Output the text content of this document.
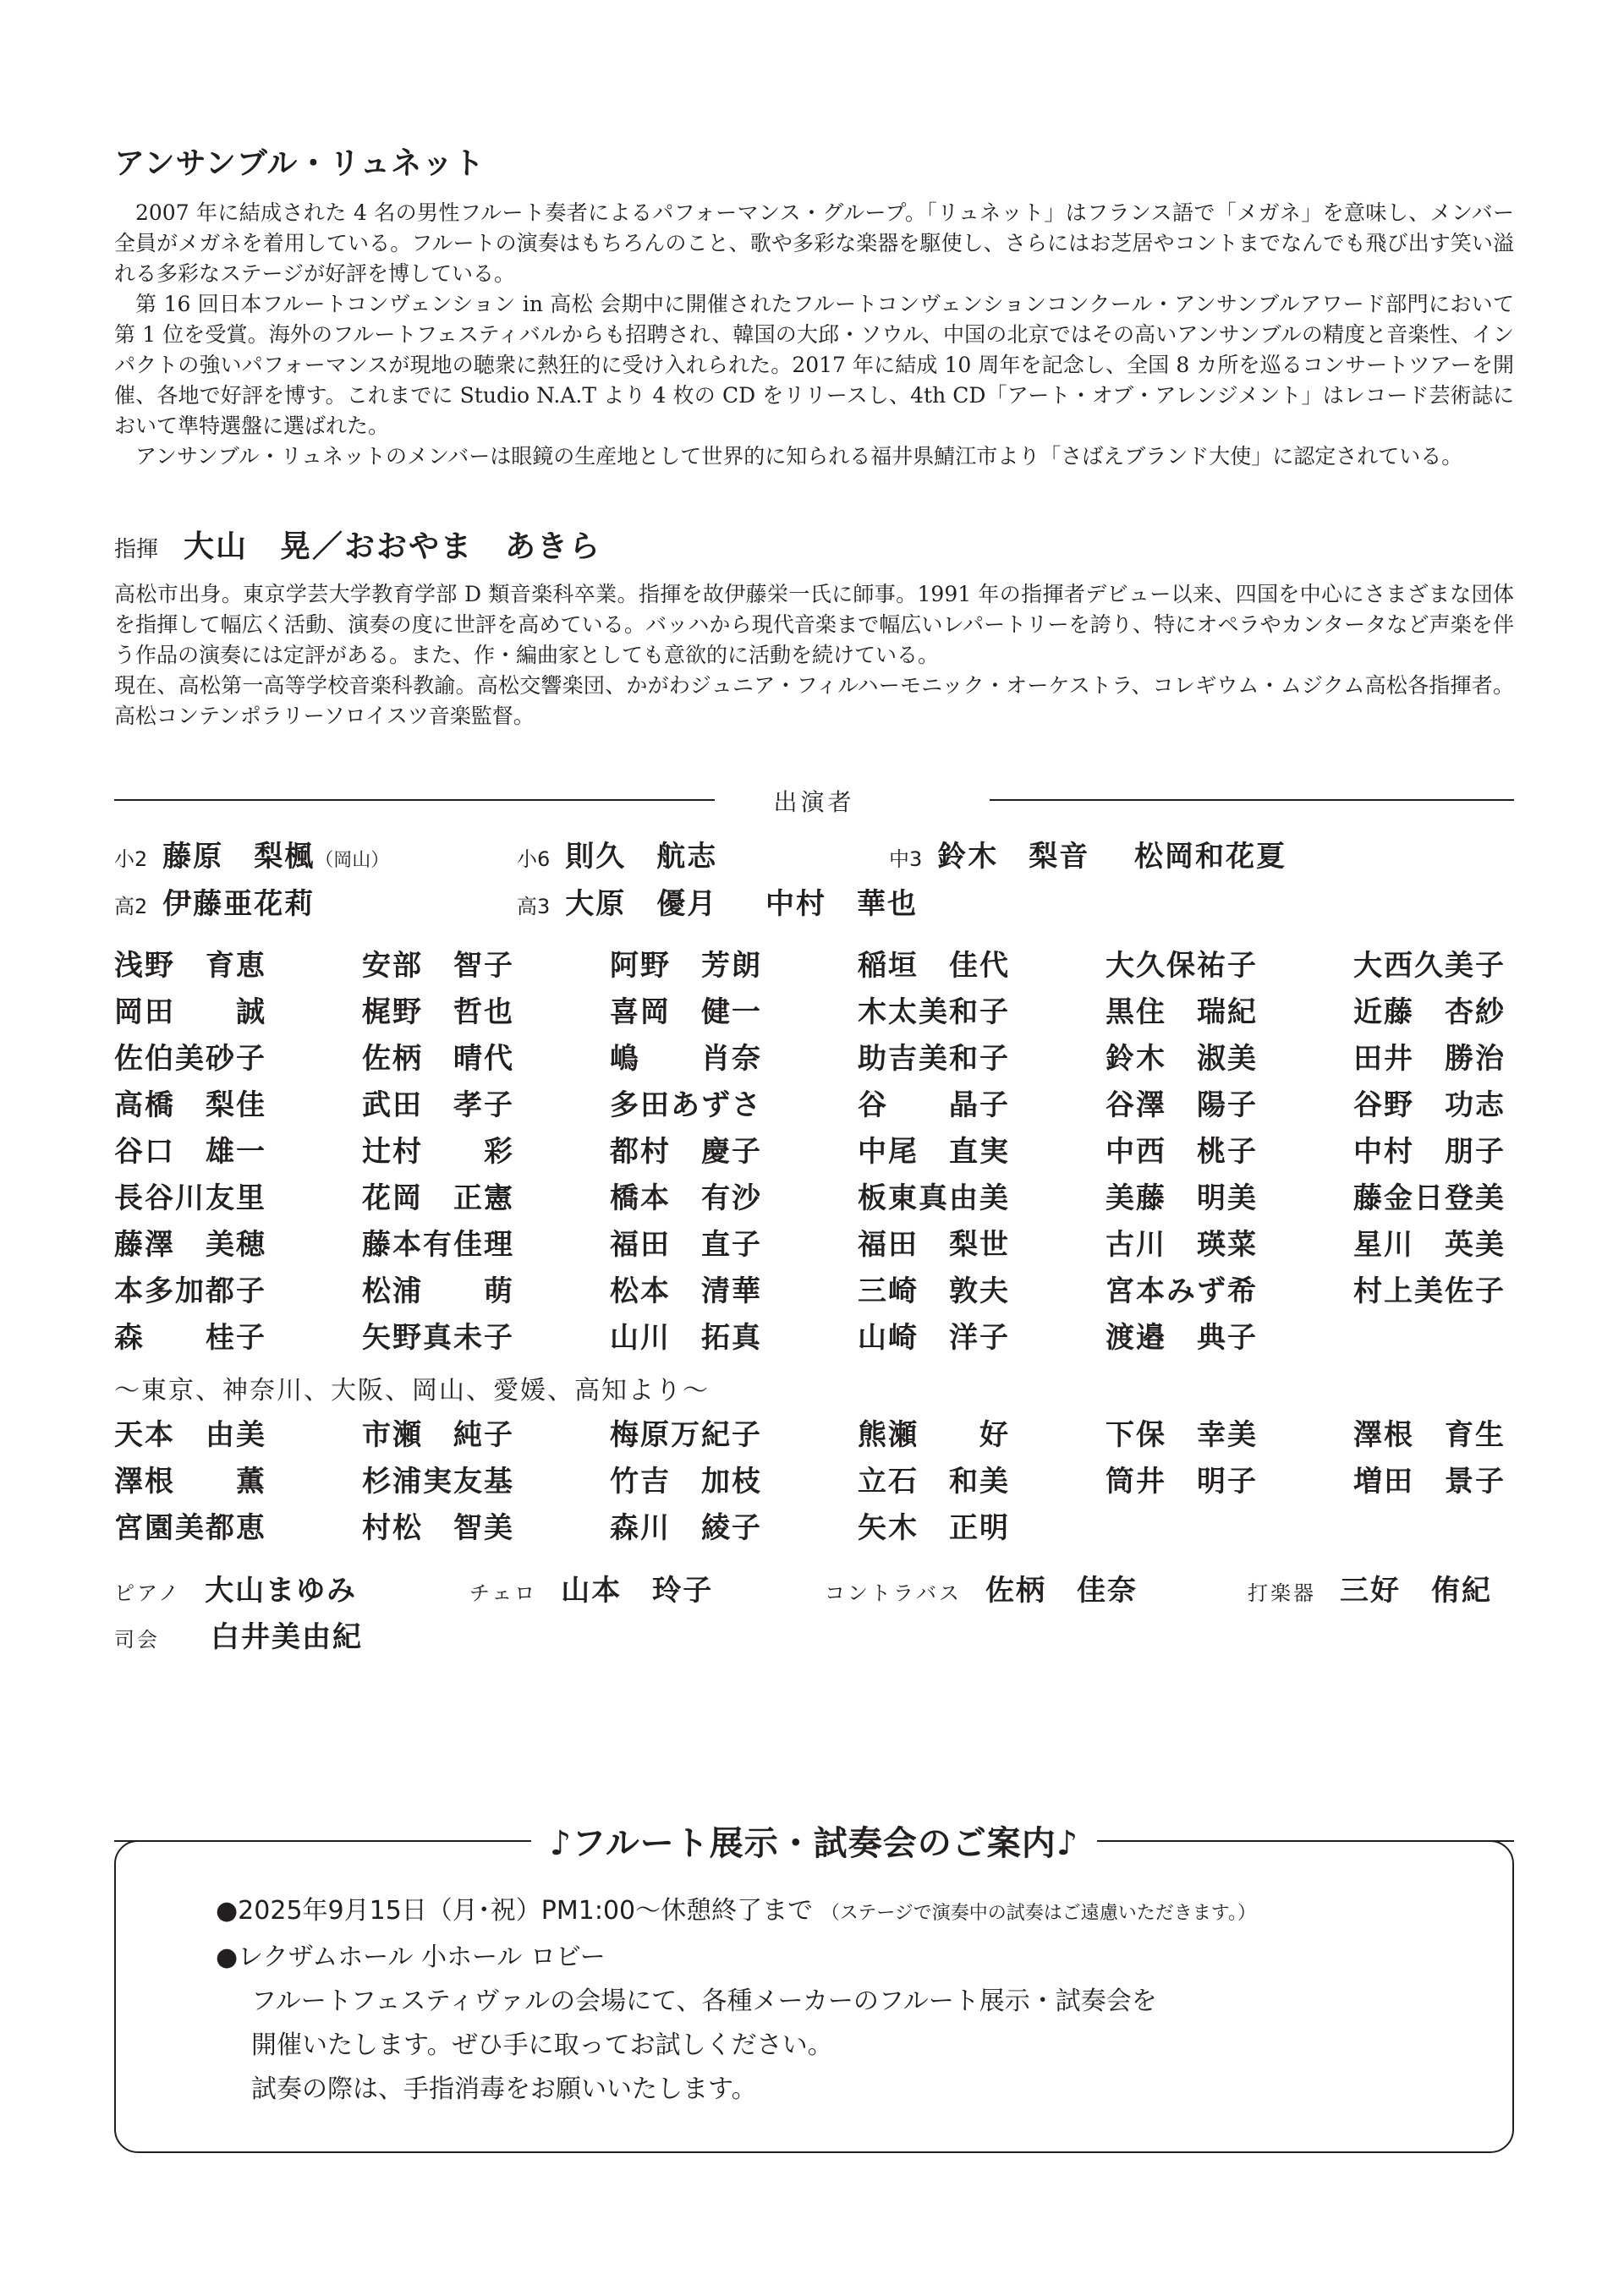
アンサンブル・リュネット

2007 年に結成された 4 名の男性フルート奏者によるパフォーマンス・グループ。「リュネット」はフランス語で「メガネ」を意味し、メンバー全員がメガネを着用している。フルートの演奏はもちろんのこと、歌や多彩な楽器を駆使し、さらにはお芝居やコントまでなんでも飛び出す笑い溢れる多彩なステージが好評を博している。

第 16 回日本フルートコンヴェンション in 高松 会期中に開催されたフルートコンヴェンションコンクール・アンサンブルアワード部門において第 1 位を受賞。海外のフルートフェスティバルからも招聘され、韓国の大邱・ソウル、中国の北京ではその高いアンサンブルの精度と音楽性、インパクトの強いパフォーマンスが現地の聴衆に熱狂的に受け入れられた。2017 年に結成 10 周年を記念し、全国 8 カ所を巡るコンサートツアーを開催、各地で好評を博す。これまでに Studio N.A.T より 4 枚の CD をリリースし、4th CD「アート・オブ・アレンジメント」はレコード芸術誌において準特選盤に選ばれた。

アンサンブル・リュネットのメンバーは眼鏡の生産地として世界的に知られる福井県鯖江市より「さばえブランド大使」に認定されている。

指揮 大山　晃／おおやま　あきら

高松市出身。東京学芸大学教育学部 D 類音楽科卒業。指揮を故伊藤栄一氏に師事。1991 年の指揮者デビュー以来、四国を中心にさまざまな団体を指揮して幅広く活動、演奏の度に世評を高めている。バッハから現代音楽まで幅広いレパートリーを誇り、特にオペラやカンタータなど声楽を伴う作品の演奏には定評がある。また、作・編曲家としても意欲的に活動を続けている。

現在、高松第一高等学校音楽科教諭。高松交響楽団、かがわジュニア・フィルハーモニック・オーケストラ、コレギウム・ムジクム高松各指揮者。高松コンテンポラリーソロイスツ音楽監督。

出演者
小2 藤原　梨楓 （岡山）	小6 則久　航志	中3 鈴木　梨音 松岡和花夏
高2 伊藤亜花莉	高3 大原　優月 中村　華也
浅野　育恵	安部　智子	阿野　芳朗	稲垣　佳代	大久保祐子	大西久美子
岡田　　誠	梶野　哲也	喜岡　健一	木太美和子	黒住　瑞紀	近藤　杏紗
佐伯美砂子	佐柄　晴代	嶋　　肖奈	助吉美和子	鈴木　淑美	田井　勝治
高橋　梨佳	武田　孝子	多田あずさ	谷　　晶子	谷澤　陽子	谷野　功志
谷口　雄一	辻村　　彩	都村　慶子	中尾　直実	中西　桃子	中村　朋子
長谷川友里	花岡　正憲	橋本　有沙	板東真由美	美藤　明美	藤金日登美
藤澤　美穂	藤本有佳理	福田　直子	福田　梨世	古川　瑛菜	星川　英美
本多加都子	松浦　　萌	松本　清華	三崎　敦夫	宮本みず希	村上美佐子
森　　桂子	矢野真未子	山川　拓真	山崎　洋子	渡邉　典子
～東京、神奈川、大阪、岡山、愛媛、高知より～
天本　由美	市瀬　純子	梅原万紀子	熊瀬　　好	下保　幸美	澤根　育生
澤根　　薫	杉浦実友基	竹吉　加枝	立石　和美	筒井　明子	増田　景子
宮園美都恵	村松　智美	森川　綾子	矢木　正明
ピアノ 大山まゆみ	チェロ 山本　玲子	コントラバス 佐柄　佳奈	打楽器 三好　侑紀
司会 白井美由紀
♪フルート展示・試奏会のご案内♪
●2025年9月15日（月･祝）PM1:00～休憩終了まで （ステージで演奏中の試奏はご遠慮いただきます。）
●レクザムホール 小ホール ロビー
フルートフェスティヴァルの会場にて、各種メーカーのフルート展示・試奏会を
開催いたします。ぜひ手に取ってお試しください。
試奏の際は、手指消毒をお願いいたします。
